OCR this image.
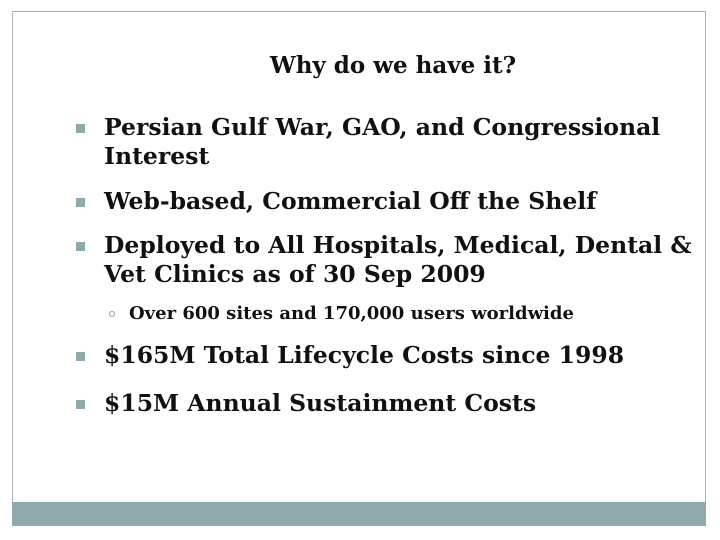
Why do we have it?
Persian Gulf War, GAO, and Congressional Interest
Web-based, Commercial Off the Shelf
Deployed to All Hospitals, Medical, Dental & Vet Clinics as of 30 Sep 2009
Over 600 sites and 170,000 users worldwide
$165M Total Lifecycle Costs since 1998
$15M Annual Sustainment Costs
